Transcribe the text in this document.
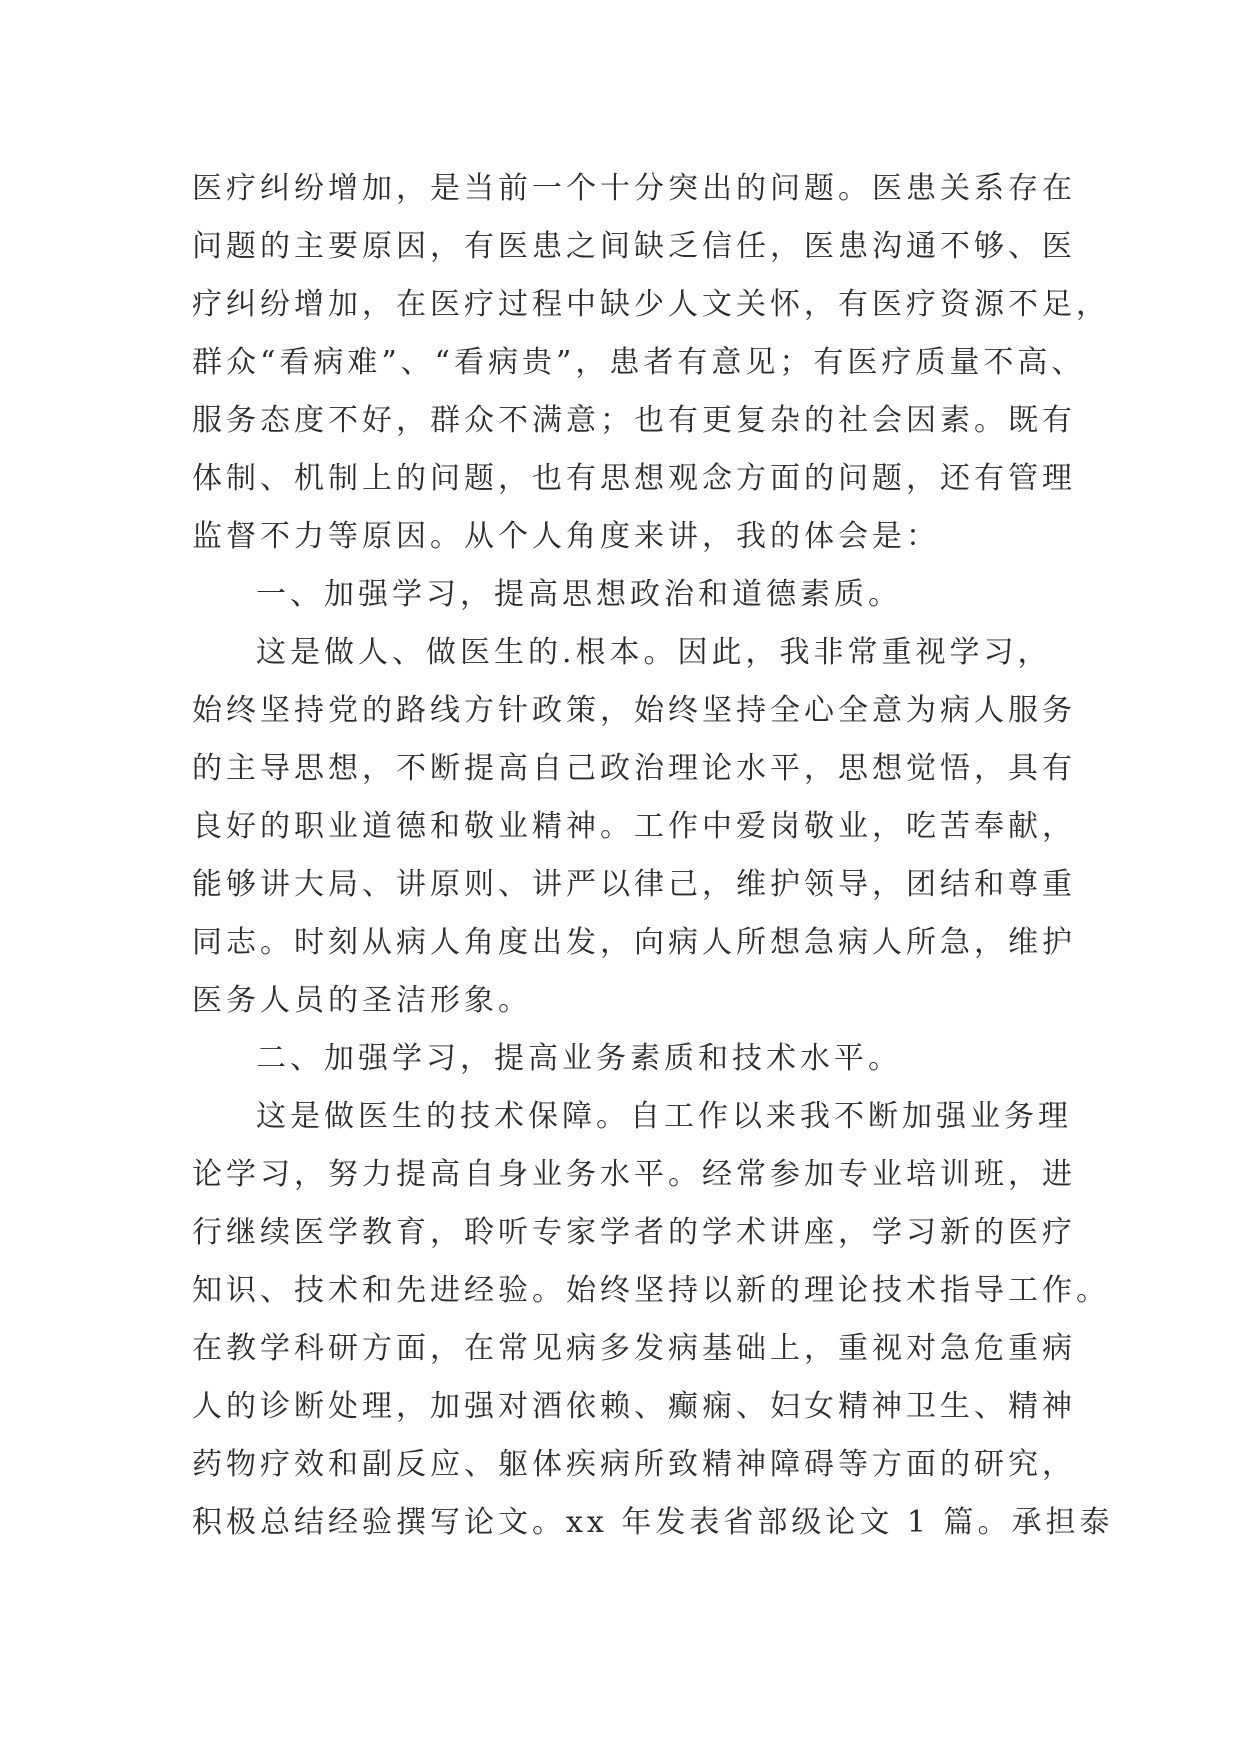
医疗纠纷增加，是当前一个十分突出的问题。医患关系存在
问题的主要原因，有医患之间缺乏信任，医患沟通不够、医
疗纠纷增加，在医疗过程中缺少人文关怀，有医疗资源不足，
群众“看病难”、“看病贵”，患者有意见；有医疗质量不高、
服务态度不好，群众不满意；也有更复杂的社会因素。既有
体制、机制上的问题，也有思想观念方面的问题，还有管理
监督不力等原因。从个人角度来讲，我的体会是：
一、加强学习，提高思想政治和道德素质。
这是做人、做医生的.根本。因此，我非常重视学习，
始终坚持党的路线方针政策，始终坚持全心全意为病人服务
的主导思想，不断提高自己政治理论水平，思想觉悟，具有
良好的职业道德和敬业精神。工作中爱岗敬业，吃苦奉献，
能够讲大局、讲原则、讲严以律己，维护领导，团结和尊重
同志。时刻从病人角度出发，向病人所想急病人所急，维护
医务人员的圣洁形象。
二、加强学习，提高业务素质和技术水平。
这是做医生的技术保障。自工作以来我不断加强业务理
论学习，努力提高自身业务水平。经常参加专业培训班，进
行继续医学教育，聆听专家学者的学术讲座，学习新的医疗
知识、技术和先进经验。始终坚持以新的理论技术指导工作。
在教学科研方面，在常见病多发病基础上，重视对急危重病
人的诊断处理，加强对酒依赖、癫痫、妇女精神卫生、精神
药物疗效和副反应、躯体疾病所致精神障碍等方面的研究，
积极总结经验撰写论文。xx 年发表省部级论文 1 篇。承担泰
